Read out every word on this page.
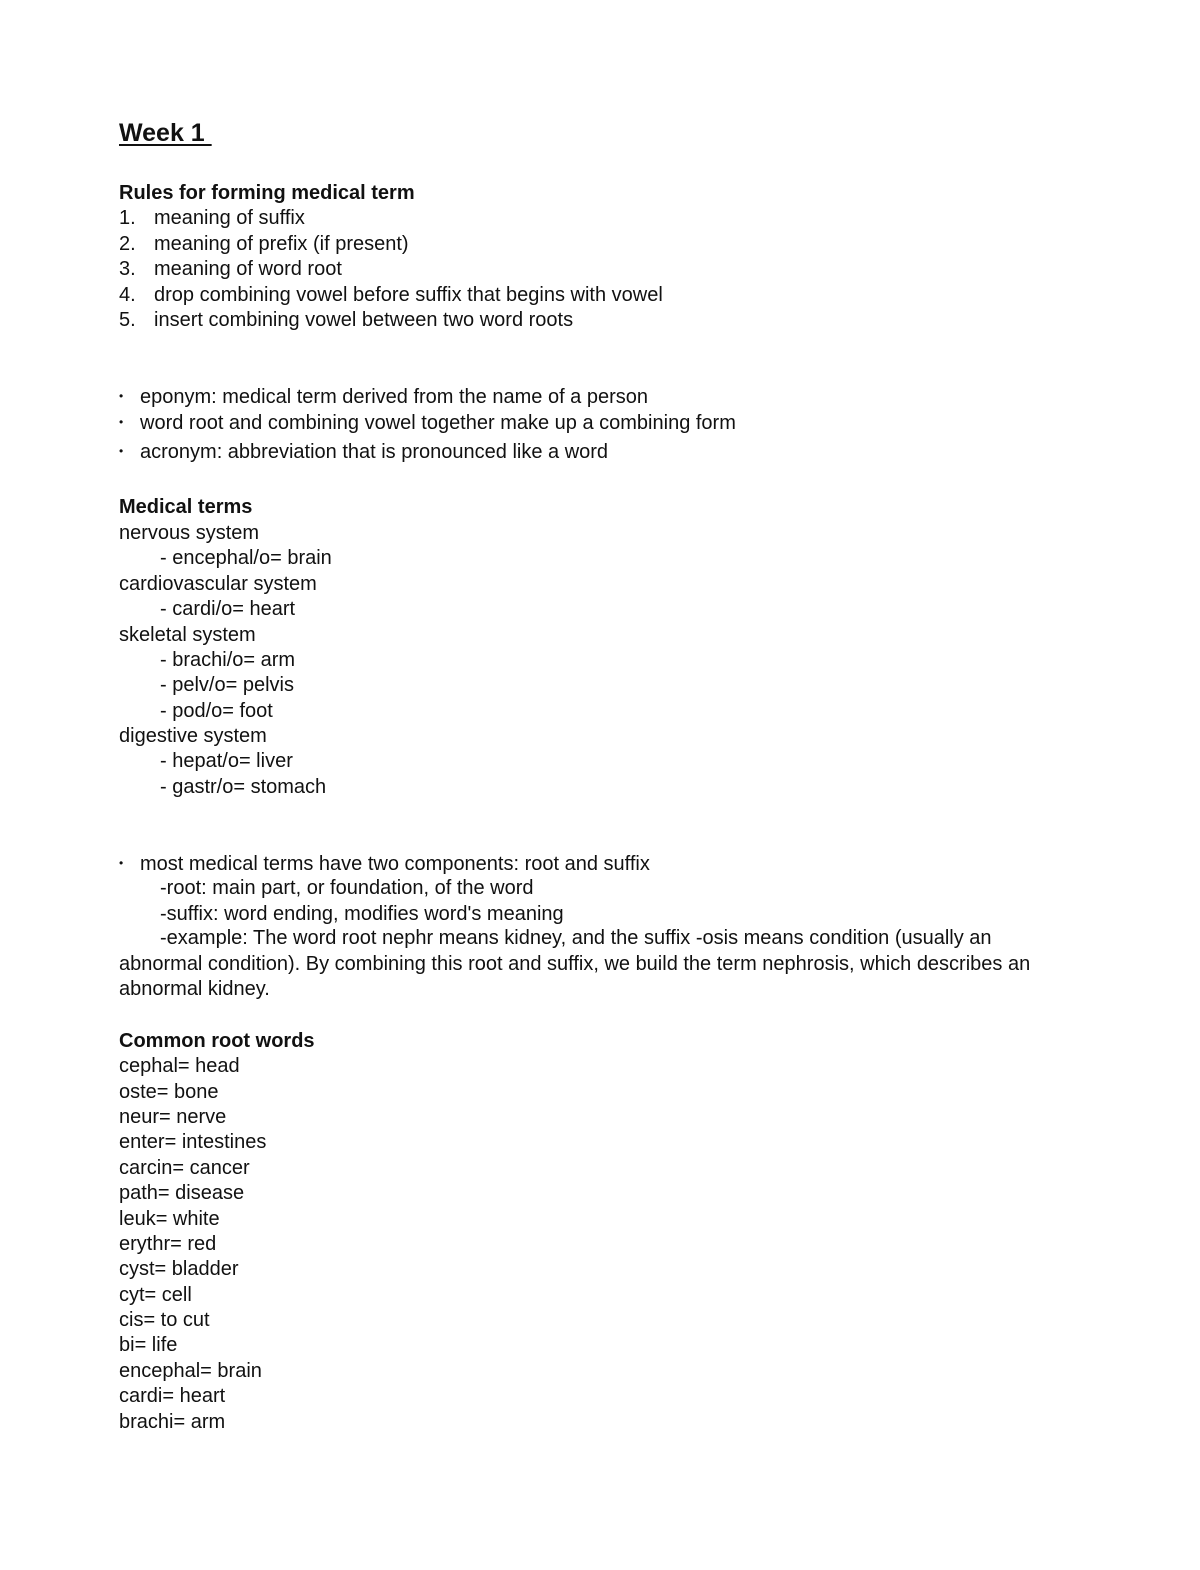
Week 1
Rules for forming medical term
1. meaning of suffix
2. meaning of prefix (if present)
3. meaning of word root
4. drop combining vowel before suffix that begins with vowel
5. insert combining vowel between two word roots
• eponym: medical term derived from the name of a person
• word root and combining vowel together make up a combining form
• acronym: abbreviation that is pronounced like a word
Medical terms
nervous system
- encephal/o= brain
cardiovascular system
- cardi/o= heart
skeletal system
- brachi/o= arm
- pelv/o= pelvis
- pod/o= foot
digestive system
- hepat/o= liver
- gastr/o= stomach
• most medical terms have two components: root and suffix
-root: main part, or foundation, of the word
-suffix: word ending, modifies word's meaning
-example: The word root nephr means kidney, and the suffix -osis means condition (usually an abnormal condition). By combining this root and suffix, we build the term nephrosis, which describes an abnormal kidney.
Common root words
cephal= head
oste= bone
neur= nerve
enter= intestines
carcin= cancer
path= disease
leuk= white
erythr= red
cyst= bladder
cyt= cell
cis= to cut
bi= life
encephal= brain
cardi= heart
brachi= arm
